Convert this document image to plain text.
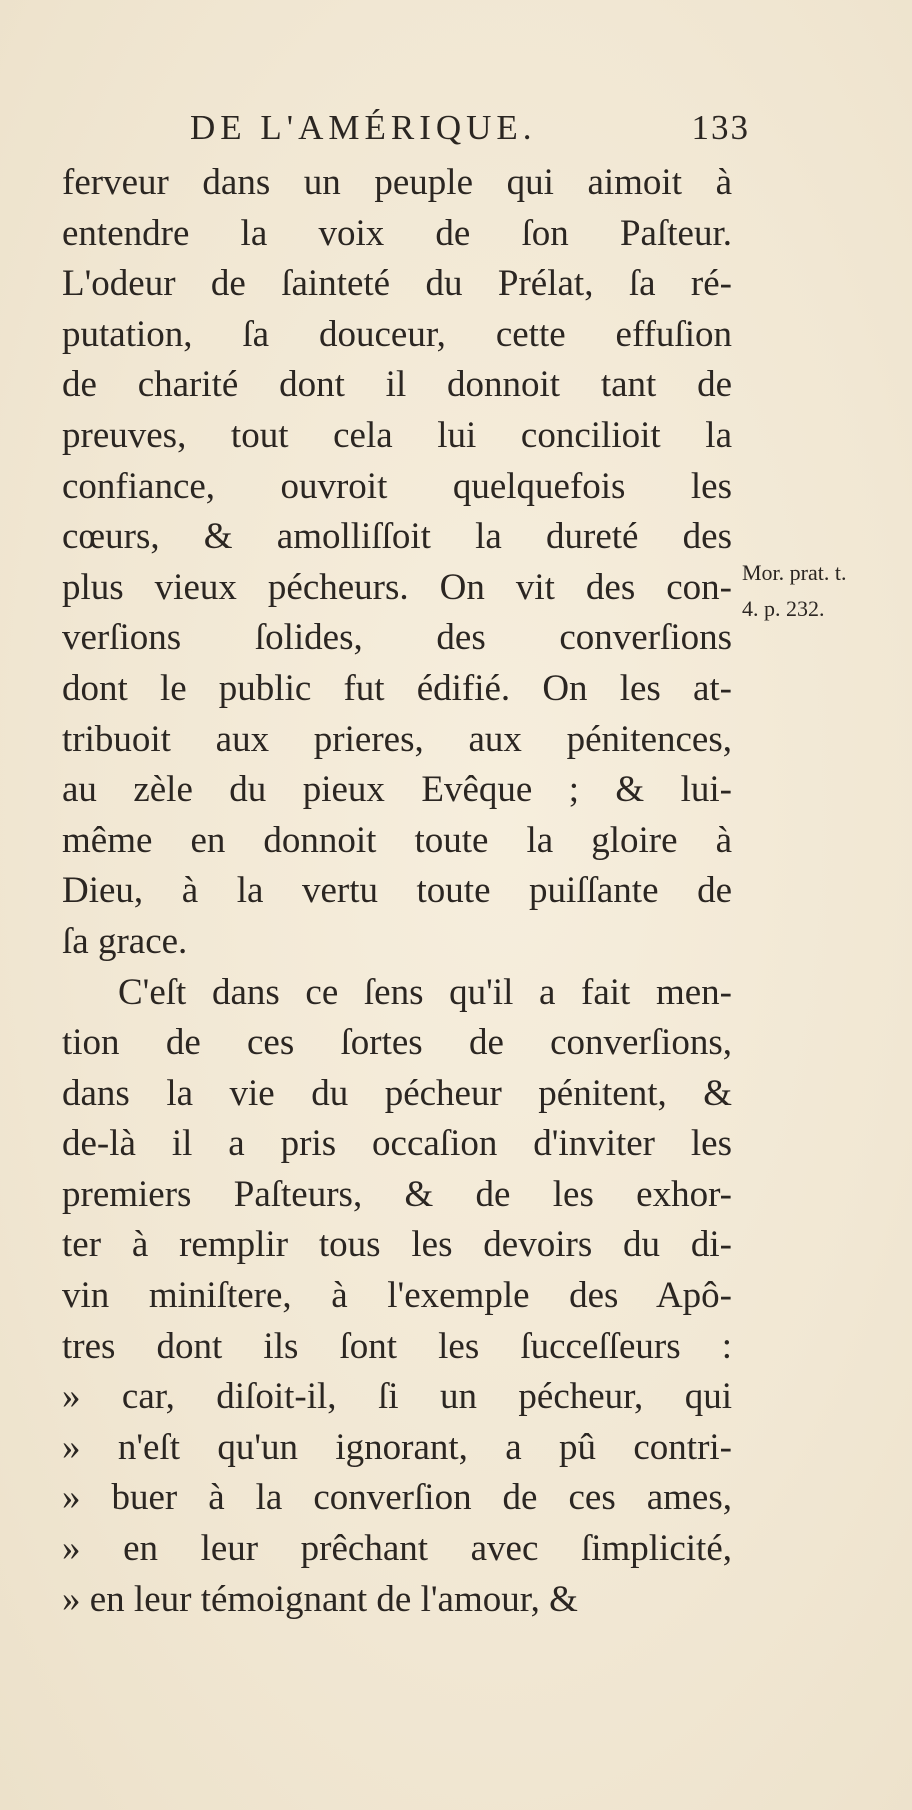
DE L'AMÉRIQUE.	133
ferveur dans un peuple qui aimoit à
entendre la voix de ſon Paſteur.
L'odeur de ſainteté du Prélat, ſa ré-
putation, ſa douceur, cette effuſion
de charité dont il donnoit tant de
preuves, tout cela lui concilioit la
confiance, ouvroit quelquefois les
cœurs, & amolliſſoit la dureté des
plus vieux pécheurs. On vit des con-
verſions ſolides, des converſions
dont le public fut édifié. On les at-
tribuoit aux prieres, aux pénitences,
au zèle du pieux Evêque ; & lui-
même en donnoit toute la gloire à
Dieu, à la vertu toute puiſſante de
ſa grace.
C'eſt dans ce ſens qu'il a fait men-
tion de ces ſortes de converſions,
dans la vie du pécheur pénitent, &
de-là il a pris occaſion d'inviter les
premiers Paſteurs, & de les exhor-
ter à remplir tous les devoirs du di-
vin miniſtere, à l'exemple des Apô-
tres dont ils ſont les ſucceſſeurs :
» car, diſoit-il, ſi un pécheur, qui
» n'eſt qu'un ignorant, a pû contri-
» buer à la converſion de ces ames,
» en leur prêchant avec ſimplicité,
» en leur témoignant de l'amour, &
Mor. prat. t.
4. p. 232.
